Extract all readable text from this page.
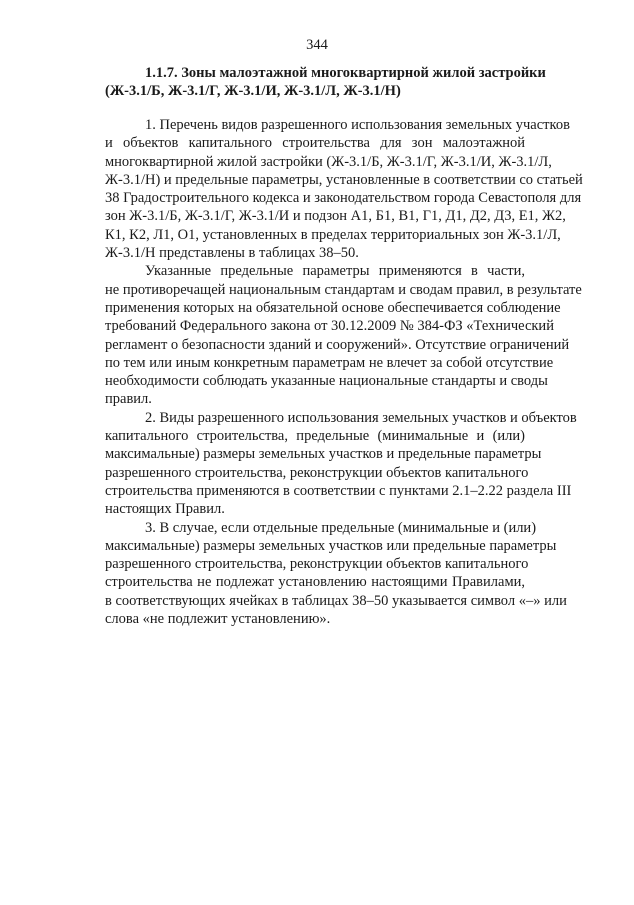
344
1.1.7. Зоны малоэтажной многоквартирной жилой застройки
(Ж-3.1/Б, Ж-3.1/Г, Ж-3.1/И, Ж-3.1/Л, Ж-3.1/Н)

1. Перечень видов разрешенного использования земельных участков
и объектов капитального строительства для зон малоэтажной
многоквартирной жилой застройки (Ж-3.1/Б, Ж-3.1/Г, Ж-3.1/И, Ж-3.1/Л,
Ж-3.1/Н) и предельные параметры, установленные в соответствии со статьей
38 Градостроительного кодекса и законодательством города Севастополя для
зон Ж-3.1/Б, Ж-3.1/Г, Ж-3.1/И и подзон А1, Б1, В1, Г1, Д1, Д2, Д3, Е1, Ж2,
К1, К2, Л1, О1, установленных в пределах территориальных зон Ж-3.1/Л,
Ж-3.1/Н представлены в таблицах 38–50.

Указанные предельные параметры применяются в части,
не противоречащей национальным стандартам и сводам правил, в результате
применения которых на обязательной основе обеспечивается соблюдение
требований Федерального закона от 30.12.2009 № 384-ФЗ «Технический
регламент о безопасности зданий и сооружений». Отсутствие ограничений
по тем или иным конкретным параметрам не влечет за собой отсутствие
необходимости соблюдать указанные национальные стандарты и своды
правил.

2. Виды разрешенного использования земельных участков и объектов
капитального строительства, предельные (минимальные и (или)
максимальные) размеры земельных участков и предельные параметры
разрешенного строительства, реконструкции объектов капитального
строительства применяются в соответствии с пунктами 2.1–2.22 раздела III
настоящих Правил.

3. В случае, если отдельные предельные (минимальные и (или)
максимальные) размеры земельных участков или предельные параметры
разрешенного строительства, реконструкции объектов капитального
строительства не подлежат установлению настоящими Правилами,
в соответствующих ячейках в таблицах 38–50 указывается символ «–» или
слова «не подлежит установлению».
